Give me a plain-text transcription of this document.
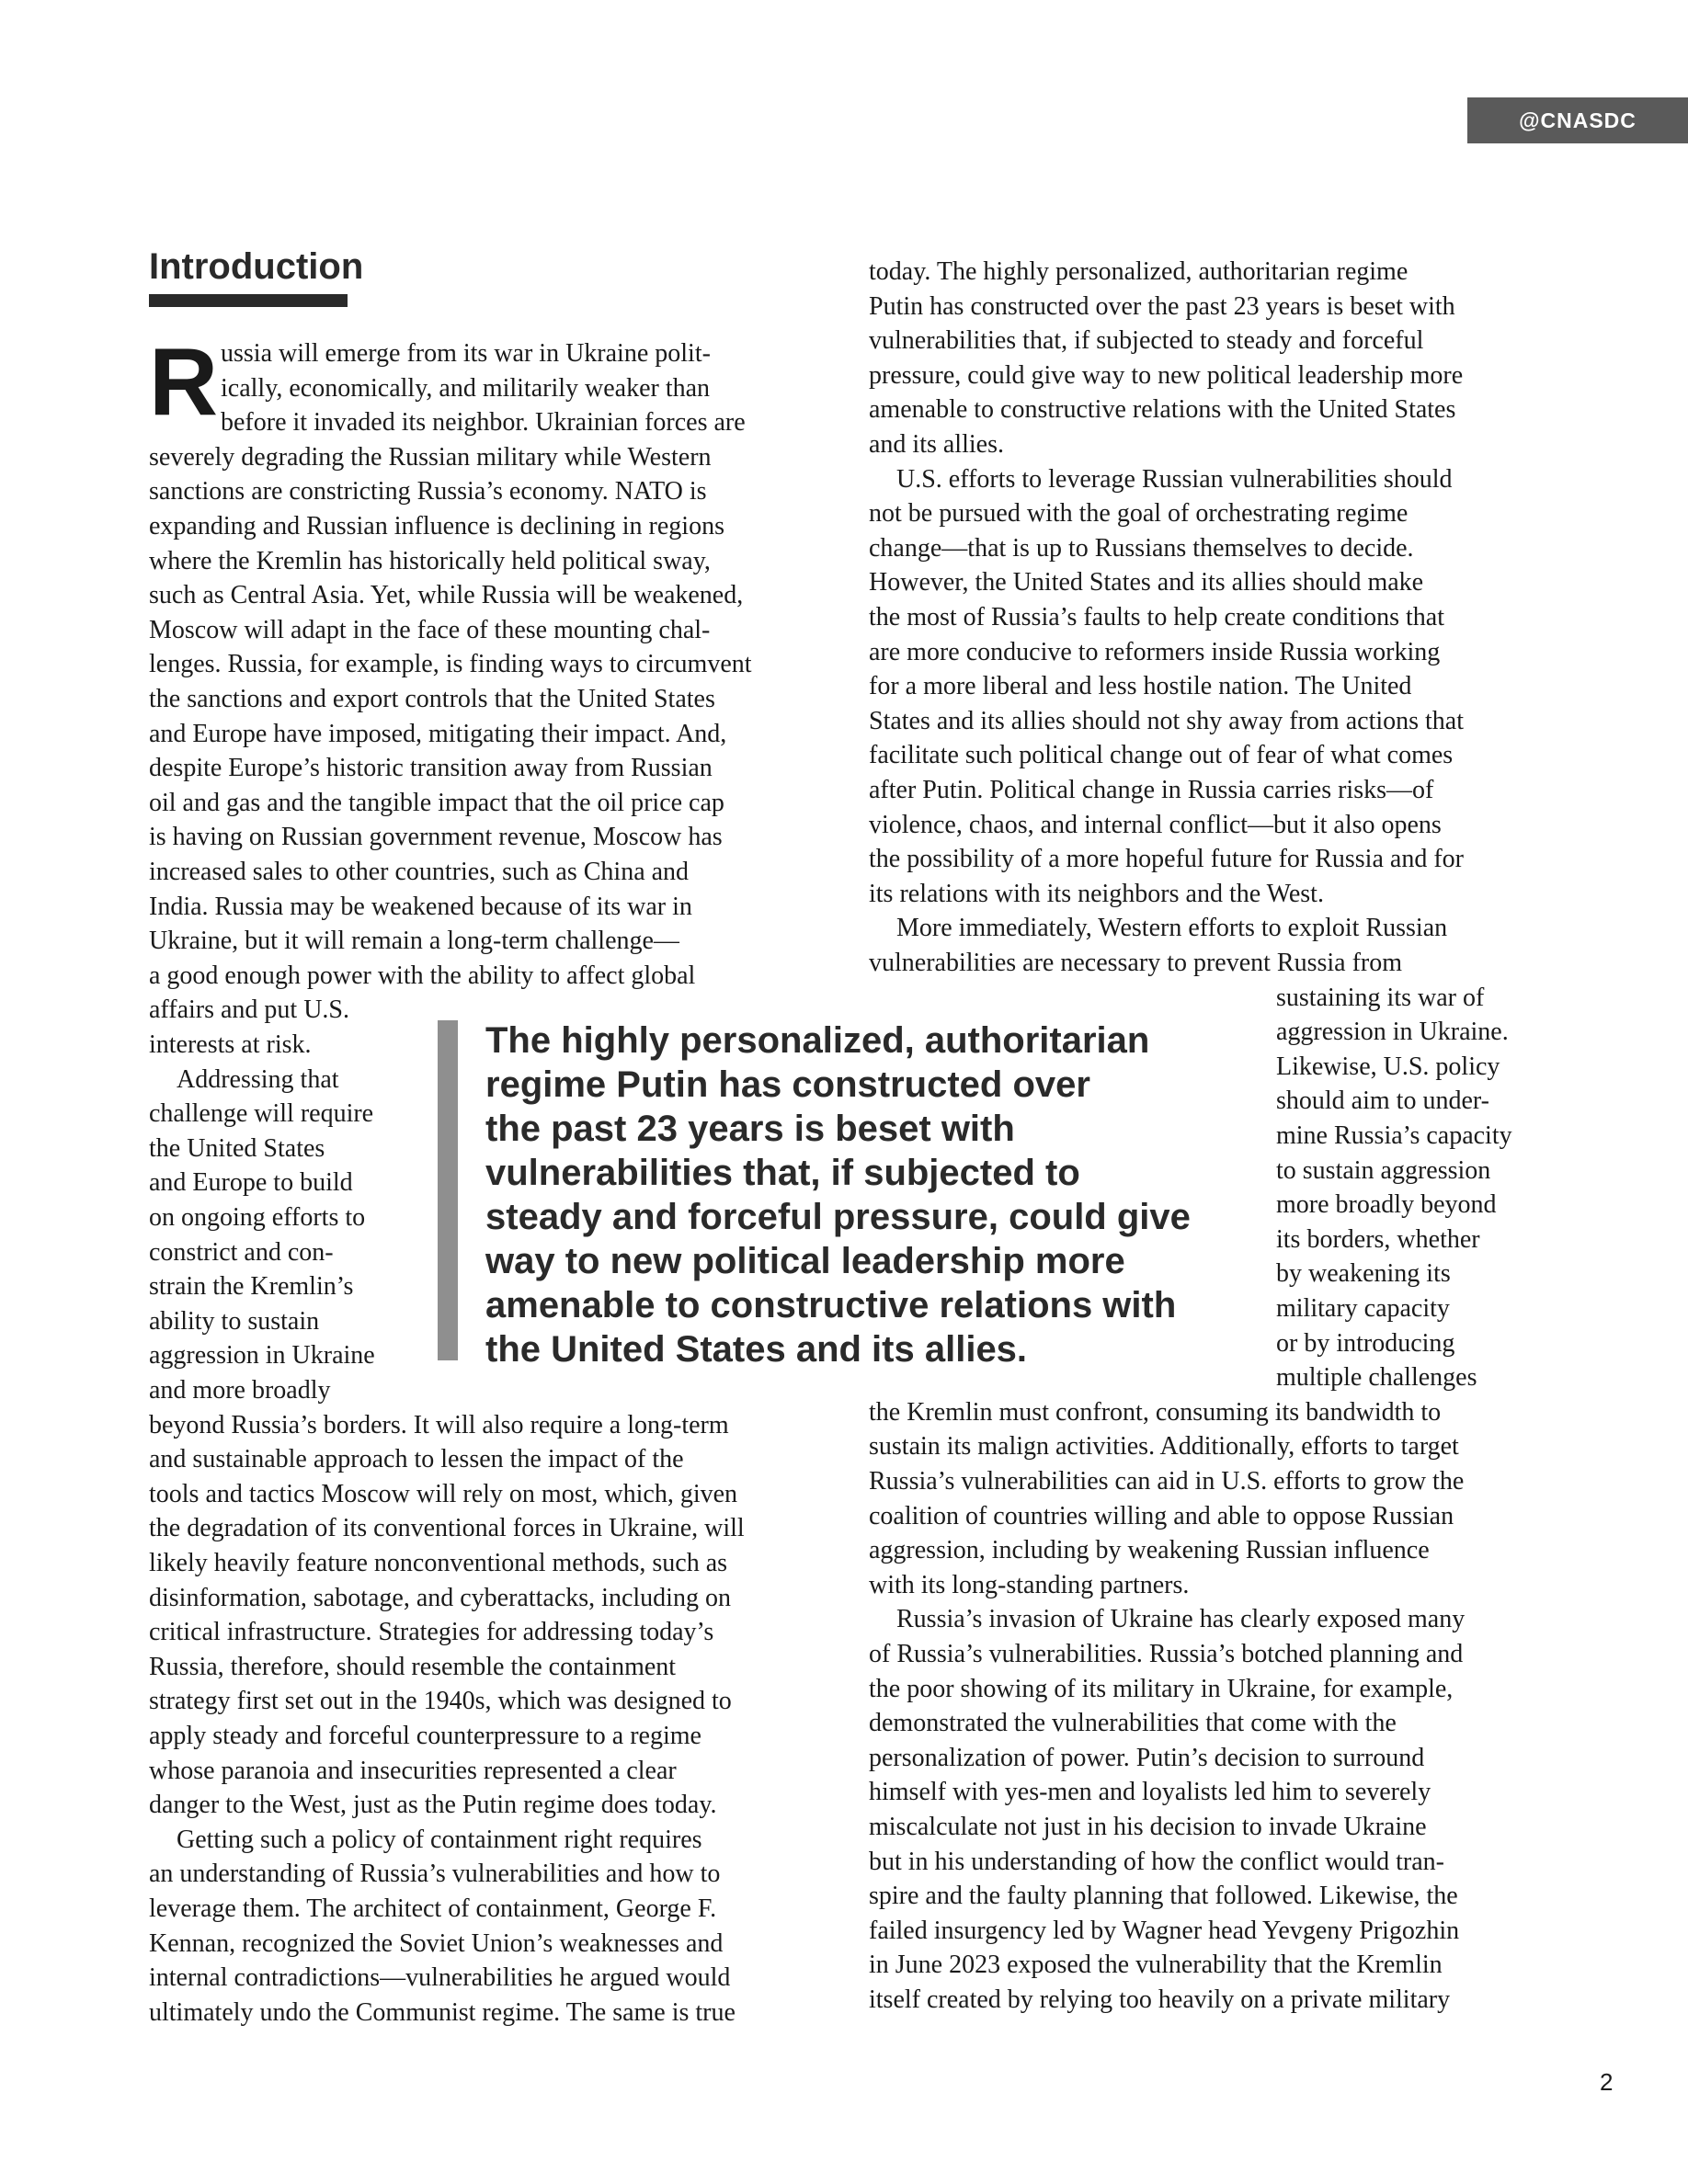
@CNASDC
Introduction
R ussia will emerge from its war in Ukraine polit-

ically, economically, and militarily weaker than

before it invaded its neighbor. Ukrainian forces are

severely degrading the Russian military while Western

sanctions are constricting Russia’s economy. NATO is

expanding and Russian influence is declining in regions

where the Kremlin has historically held political sway,

such as Central Asia. Yet, while Russia will be weakened,

Moscow will adapt in the face of these mounting chal-

lenges. Russia, for example, is finding ways to circumvent

the sanctions and export controls that the United States

and Europe have imposed, mitigating their impact. And,

despite Europe’s historic transition away from Russian

oil and gas and the tangible impact that the oil price cap

is having on Russian government revenue, Moscow has

increased sales to other countries, such as China and

India. Russia may be weakened because of its war in

Ukraine, but it will remain a long-term challenge—

a good enough power with the ability to affect global

affairs and put U.S.

interests at risk.

Addressing that

challenge will require

the United States

and Europe to build

on ongoing efforts to

constrict and con-

strain the Kremlin’s

ability to sustain

aggression in Ukraine

and more broadly

beyond Russia’s borders. It will also require a long-term

and sustainable approach to lessen the impact of the

tools and tactics Moscow will rely on most, which, given

the degradation of its conventional forces in Ukraine, will

likely heavily feature nonconventional methods, such as

disinformation, sabotage, and cyberattacks, including on

critical infrastructure. Strategies for addressing today’s

Russia, therefore, should resemble the containment

strategy first set out in the 1940s, which was designed to

apply steady and forceful counterpressure to a regime

whose paranoia and insecurities represented a clear

danger to the West, just as the Putin regime does today.

Getting such a policy of containment right requires

an understanding of Russia’s vulnerabilities and how to

leverage them. The architect of containment, George F.

Kennan, recognized the Soviet Union’s weaknesses and

internal contradictions—vulnerabilities he argued would

ultimately undo the Communist regime. The same is true

today. The highly personalized, authoritarian regime

Putin has constructed over the past 23 years is beset with

vulnerabilities that, if subjected to steady and forceful

pressure, could give way to new political leadership more

amenable to constructive relations with the United States

and its allies.

U.S. efforts to leverage Russian vulnerabilities should

not be pursued with the goal of orchestrating regime

change—that is up to Russians themselves to decide.

However, the United States and its allies should make

the most of Russia’s faults to help create conditions that

are more conducive to reformers inside Russia working

for a more liberal and less hostile nation. The United

States and its allies should not shy away from actions that

facilitate such political change out of fear of what comes

after Putin. Political change in Russia carries risks—of

violence, chaos, and internal conflict—but it also opens

the possibility of a more hopeful future for Russia and for

its relations with its neighbors and the West.

More immediately, Western efforts to exploit Russian

vulnerabilities are necessary to prevent Russia from

sustaining its war of

aggression in Ukraine.

Likewise, U.S. policy

should aim to under-

mine Russia’s capacity

to sustain aggression

more broadly beyond

its borders, whether

by weakening its

military capacity

or by introducing

multiple challenges

the Kremlin must confront, consuming its bandwidth to

sustain its malign activities. Additionally, efforts to target

Russia’s vulnerabilities can aid in U.S. efforts to grow the

coalition of countries willing and able to oppose Russian

aggression, including by weakening Russian influence

with its long-standing partners.

Russia’s invasion of Ukraine has clearly exposed many

of Russia’s vulnerabilities. Russia’s botched planning and

the poor showing of its military in Ukraine, for example,

demonstrated the vulnerabilities that come with the

personalization of power. Putin’s decision to surround

himself with yes-men and loyalists led him to severely

miscalculate not just in his decision to invade Ukraine

but in his understanding of how the conflict would tran-

spire and the faulty planning that followed. Likewise, the

failed insurgency led by Wagner head Yevgeny Prigozhin

in June 2023 exposed the vulnerability that the Kremlin

itself created by relying too heavily on a private military

The highly personalized, authoritarian

regime Putin has constructed over

the past 23 years is beset with

vulnerabilities that, if subjected to

steady and forceful pressure, could give

way to new political leadership more

amenable to constructive relations with

the United States and its allies.

2
